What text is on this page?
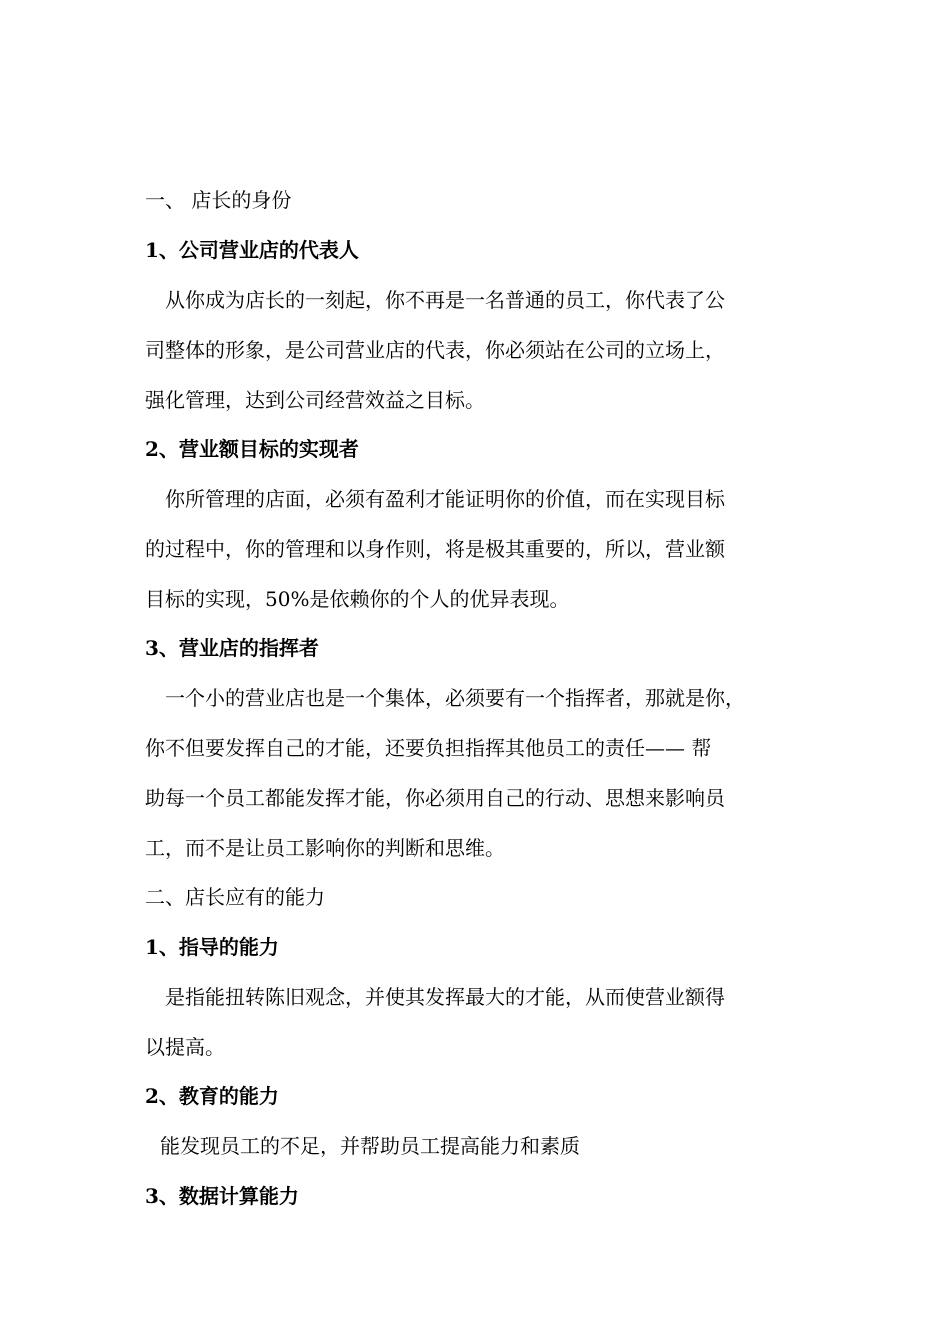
一、 店长的身份
1、公司营业店的代表人
从你成为店长的一刻起，你不再是一名普通的员工，你代表了公
司整体的形象，是公司营业店的代表，你必须站在公司的立场上，
强化管理，达到公司经营效益之目标。
2、营业额目标的实现者
你所管理的店面，必须有盈利才能证明你的价值，而在实现目标
的过程中，你的管理和以身作则，将是极其重要的，所以，营业额
目标的实现，50%是依赖你的个人的优异表现。
3、营业店的指挥者
一个小的营业店也是一个集体，必须要有一个指挥者，那就是你，
你不但要发挥自己的才能，还要负担指挥其他员工的责任—— 帮
助每一个员工都能发挥才能，你必须用自己的行动、思想来影响员
工，而不是让员工影响你的判断和思维。
二、店长应有的能力
1、指导的能力
是指能扭转陈旧观念，并使其发挥最大的才能，从而使营业额得
以提高。
2、教育的能力
能发现员工的不足，并帮助员工提高能力和素质
3、数据计算能力
